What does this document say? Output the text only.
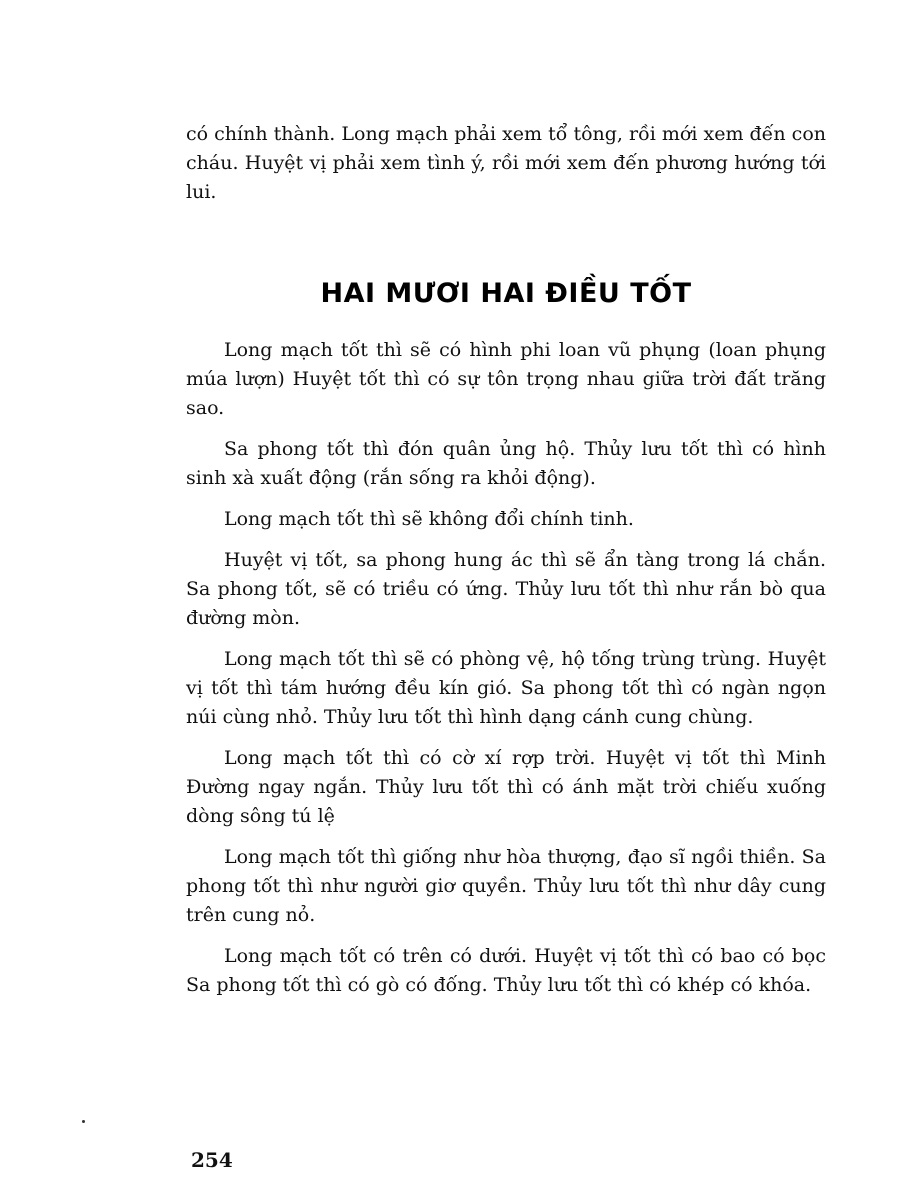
có chính thành. Long mạch phải xem tổ tông, rồi mới xem đến con cháu. Huyệt vị phải xem tình ý, rồi mới xem đến phương hướng tới lui.

HAI MƯƠI HAI ĐIỀU TỐT

Long mạch tốt thì sẽ có hình phi loan vũ phụng (loan phụng múa lượn) Huyệt tốt thì có sự tôn trọng nhau giữa trời đất trăng sao.

Sa phong tốt thì đón quân ủng hộ. Thủy lưu tốt thì có hình sinh xà xuất động (rắn sống ra khỏi động).

Long mạch tốt thì sẽ không đổi chính tinh.

Huyệt vị tốt, sa phong hung ác thì sẽ ẩn tàng trong lá chắn. Sa phong tốt, sẽ có triều có ứng. Thủy lưu tốt thì như rắn bò qua đường mòn.

Long mạch tốt thì sẽ có phòng vệ, hộ tống trùng trùng. Huyệt vị tốt thì tám hướng đều kín gió. Sa phong tốt thì có ngàn ngọn núi cùng nhỏ. Thủy lưu tốt thì hình dạng cánh cung chùng.

Long mạch tốt thì có cờ xí rợp trời. Huyệt vị tốt thì Minh Đường ngay ngắn. Thủy lưu tốt thì có ánh mặt trời chiếu xuống dòng sông tú lệ

Long mạch tốt thì giống như hòa thượng, đạo sĩ ngồi thiền. Sa phong tốt thì như người giơ quyền. Thủy lưu tốt thì như dây cung trên cung nỏ.

Long mạch tốt có trên có dưới. Huyệt vị tốt thì có bao có bọc Sa phong tốt thì có gò có đống. Thủy lưu tốt thì có khép có khóa.

254
